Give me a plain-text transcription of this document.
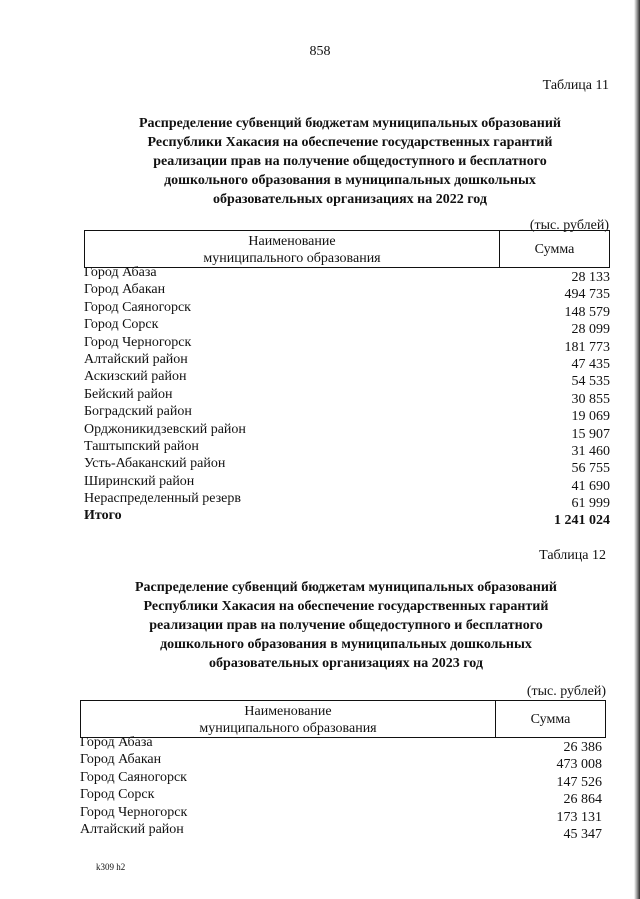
858
Таблица 11
Распределение субвенций бюджетам муниципальных образований
Республики Хакасия на обеспечение государственных гарантий
реализации прав на получение общедоступного и бесплатного
дошкольного образования в муниципальных дошкольных
образовательных организациях на 2022 год
(тыс. рублей)
Наименование
муниципального образования
Сумма
Город Абаза	28 133
Город Абакан	494 735
Город Саяногорск	148 579
Город Сорск	28 099
Город Черногорск	181 773
Алтайский район	47 435
Аскизский район	54 535
Бейский район	30 855
Боградский район	19 069
Орджоникидзевский район	15 907
Таштыпский район	31 460
Усть-Абаканский район	56 755
Ширинский район	41 690
Нераспределенный резерв	61 999
Итого	1 241 024
Таблица 12
Распределение субвенций бюджетам муниципальных образований
Республики Хакасия на обеспечение государственных гарантий
реализации прав на получение общедоступного и бесплатного
дошкольного образования в муниципальных дошкольных
образовательных организациях на 2023 год
(тыс. рублей)
Наименование
муниципального образования
Сумма
Город Абаза	26 386
Город Абакан	473 008
Город Саяногорск	147 526
Город Сорск	26 864
Город Черногорск	173 131
Алтайский район	45 347
k309 h2
